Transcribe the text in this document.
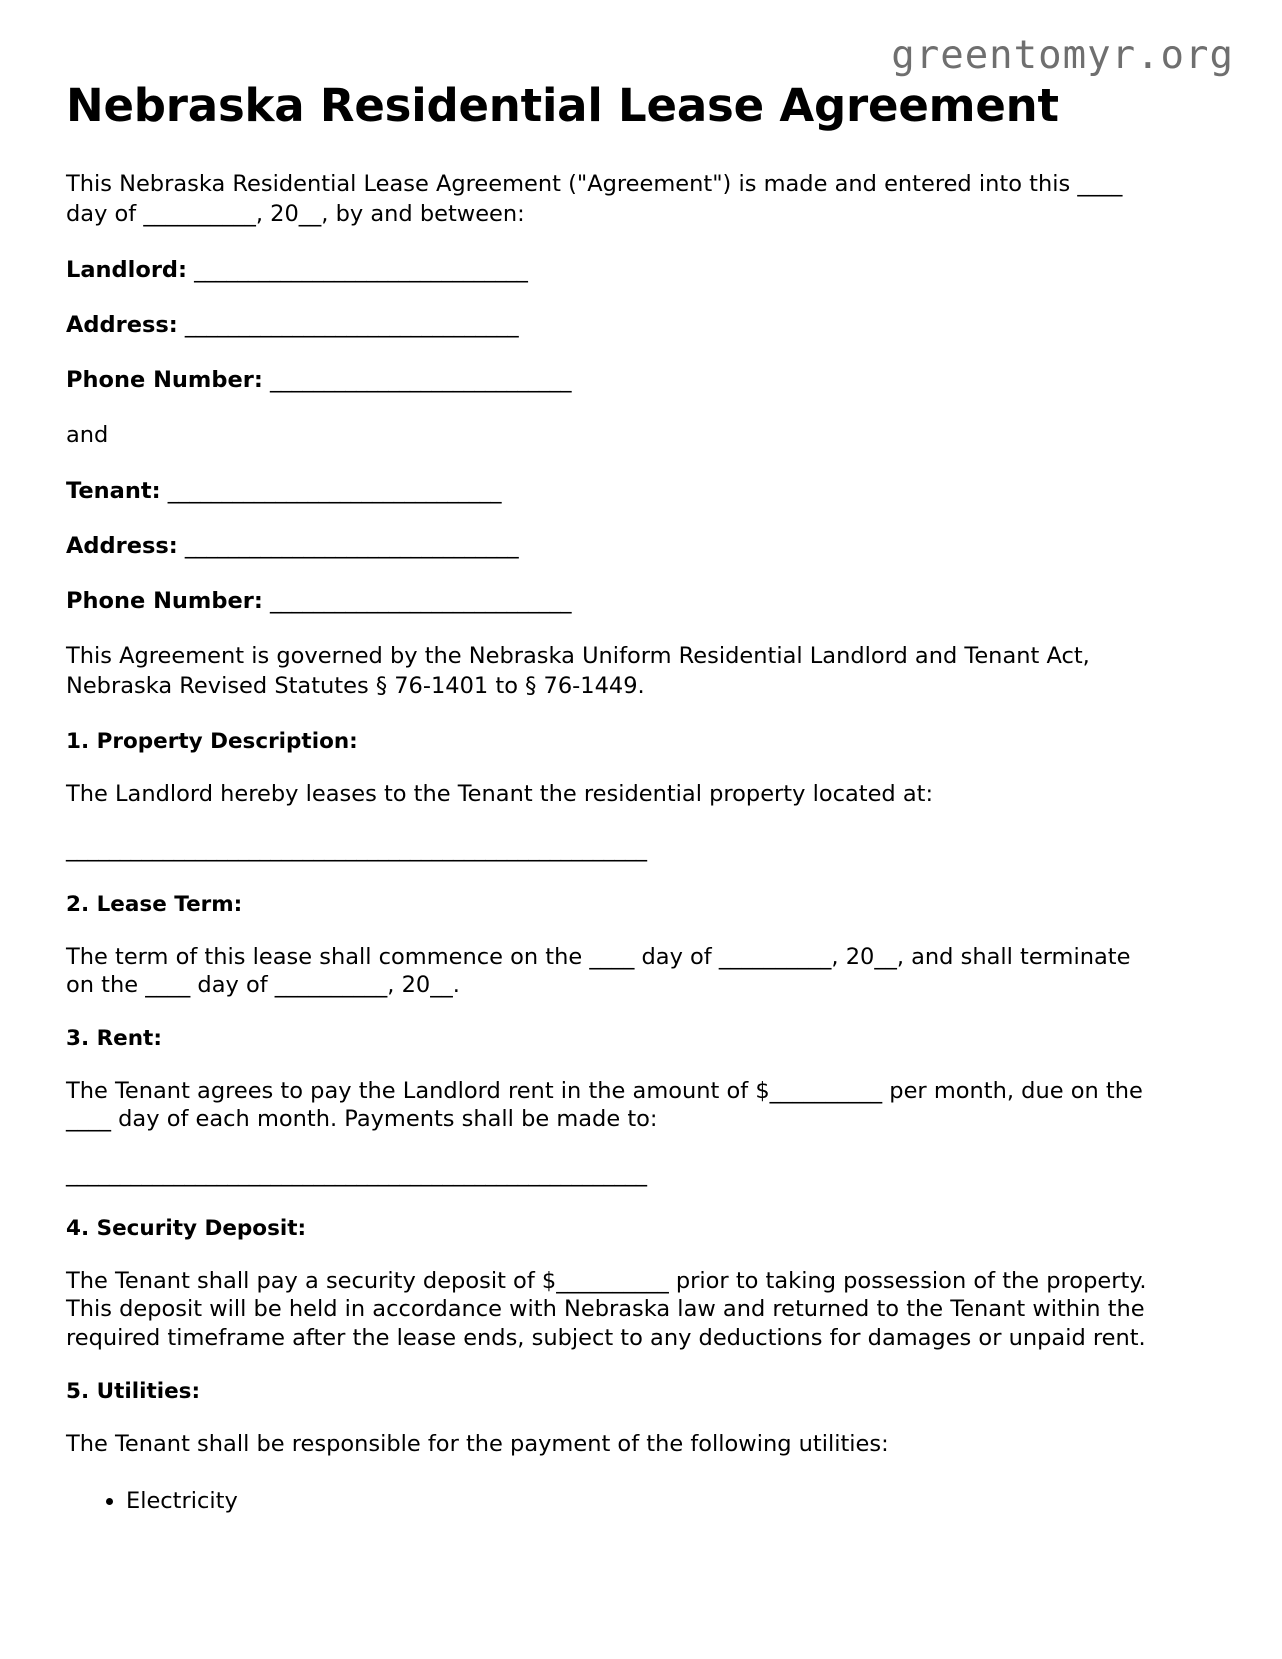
greentomyr.org
Nebraska Residential Lease Agreement

This Nebraska Residential Lease Agreement ("Agreement") is made and entered into this ____ day of __________, 20__, by and between:

Landlord: _______________________________
Address: _______________________________
Phone Number: ____________________________
and
Tenant: _______________________________
Address: _______________________________
Phone Number: ____________________________

This Agreement is governed by the Nebraska Uniform Residential Landlord and Tenant Act, Nebraska Revised Statutes § 76-1401 to § 76-1449.

1. Property Description:

The Landlord hereby leases to the Tenant the residential property located at:

______________________________________________________
2. Lease Term:

The term of this lease shall commence on the ____ day of __________, 20__, and shall terminate on the ____ day of __________, 20__.

3. Rent:

The Tenant agrees to pay the Landlord rent in the amount of $__________ per month, due on the ____ day of each month. Payments shall be made to:

______________________________________________________
4. Security Deposit:

The Tenant shall pay a security deposit of $__________ prior to taking possession of the property. This deposit will be held in accordance with Nebraska law and returned to the Tenant within the required timeframe after the lease ends, subject to any deductions for damages or unpaid rent.

5. Utilities:

The Tenant shall be responsible for the payment of the following utilities:

• Electricity
